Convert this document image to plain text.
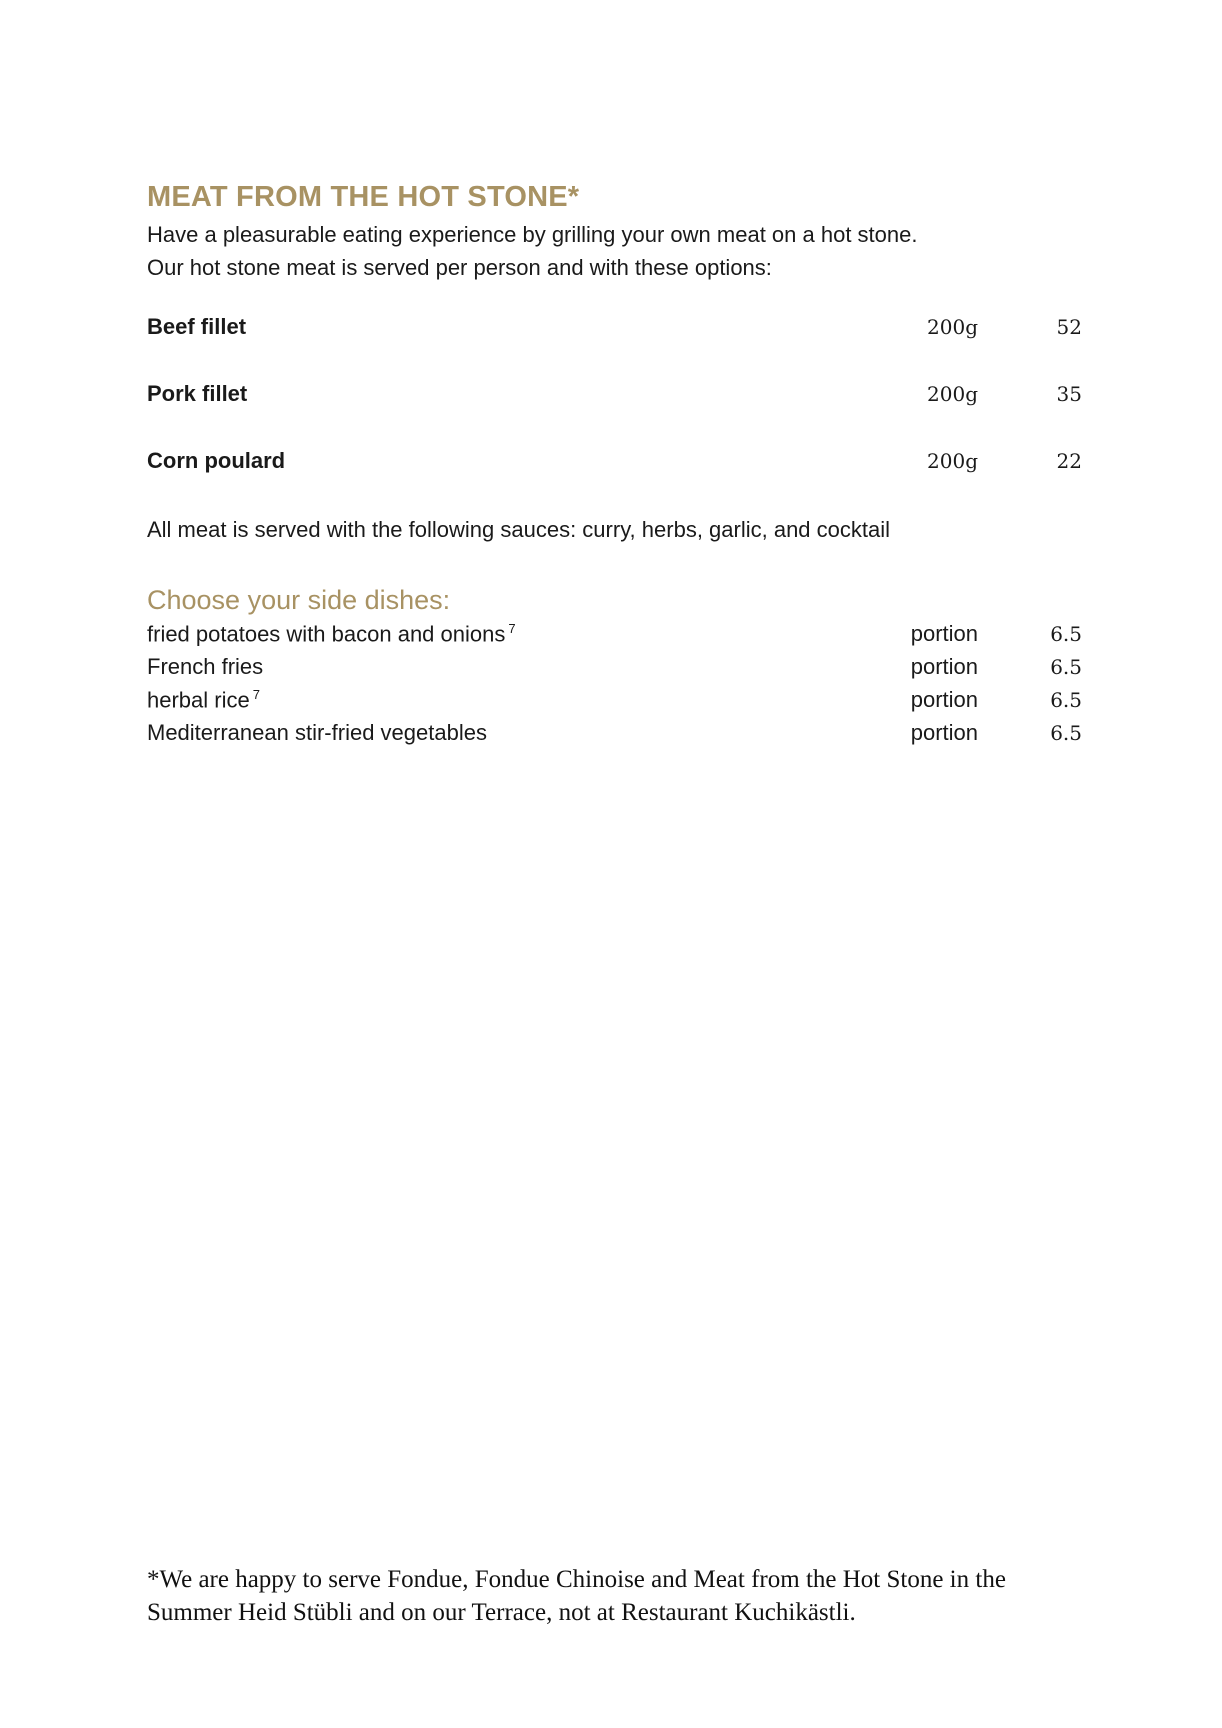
MEAT FROM THE HOT STONE*

Have a pleasurable eating experience by grilling your own meat on a hot stone.

Our hot stone meat is served per person and with these options:

Beef fillet	200g	52
Pork fillet	200g	35
Corn poulard	200g	22

All meat is served with the following sauces: curry, herbs, garlic, and cocktail

Choose your side dishes:
fried potatoes with bacon and onions $^7$	portion	6.5
French fries	portion	6.5
herbal rice $^7$	portion	6.5
Mediterranean stir-fried vegetables	portion	6.5
*We are happy to serve Fondue, Fondue Chinoise and Meat from the Hot Stone in the
Summer Heid Stübli and on our Terrace, not at Restaurant Kuchikästli.
